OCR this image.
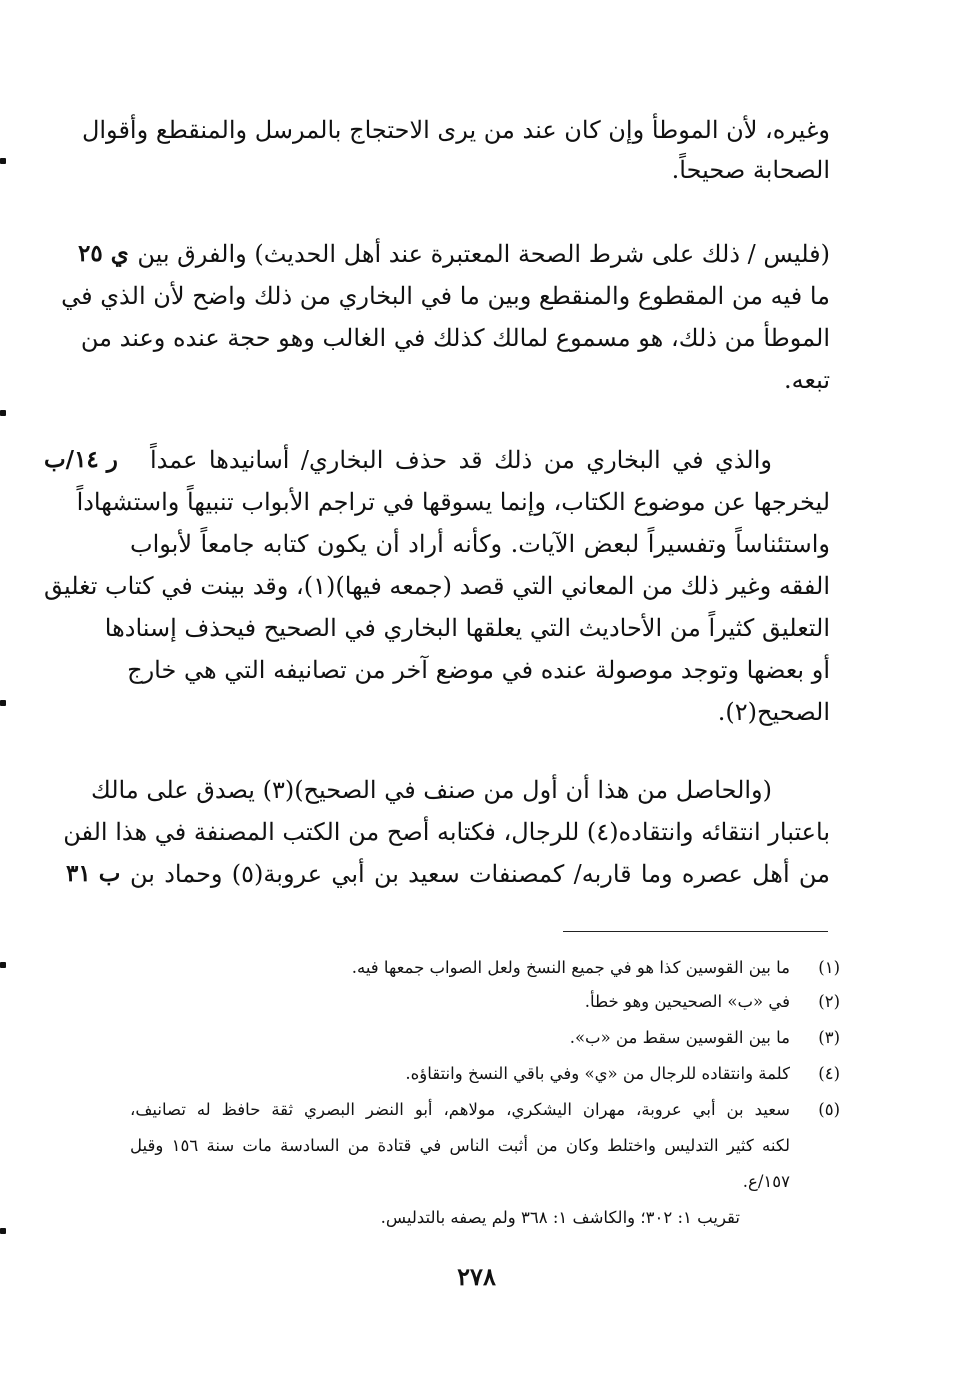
وغيره، لأن الموطأ وإن كان عند من يرى الاحتجاج بالمرسل والمنقطع وأقوال
الصحابة صحيحاً.
(فليس / ذلك على شرط الصحة المعتبرة عند أهل الحديث) والفرق بين
ما فيه من المقطوع والمنقطع وبين ما في البخاري من ذلك واضح لأن الذي في
الموطأ من ذلك، هو مسموع لمالك كذلك في الغالب وهو حجة عنده وعند من
تبعه.
ي ٢٥
والذي في البخاري من ذلك قد حذف البخاري/ أسانيدها عمداً
ليخرجها عن موضوع الكتاب، وإنما يسوقها في تراجم الأبواب تنبيهاً واستشهاداً
واستئناساً وتفسيراً لبعض الآيات. وكأنه أراد أن يكون كتابه جامعاً لأبواب
الفقه وغير ذلك من المعاني التي قصد (جمعه فيها)(١)، وقد بينت في كتاب تغليق
التعليق كثيراً من الأحاديث التي يعلقها البخاري في الصحيح فيحذف إسنادها
أو بعضها وتوجد موصولة عنده في موضع آخر من تصانيفه التي هي خارج
الصحيح(٢).
ر ١٤/ب
(والحاصل من هذا أن أول من صنف في الصحيح)(٣) يصدق على مالك
باعتبار انتقائه وانتقاده(٤) للرجال، فكتابه أصح من الكتب المصنفة في هذا الفن
من أهل عصره وما قاربه/ كمصنفات سعيد بن أبي عروبة(٥) وحماد بن
ب ٣١
(١)
ما بين القوسين كذا هو في جميع النسخ ولعل الصواب جمعها فيه.
(٢)
في «ب» الصحيحين وهو خطأ.
(٣)
ما بين القوسين سقط من «ب».
(٤)
كلمة وانتقاده للرجال من «ي» وفي باقي النسخ وانتقاؤه.
(٥)
سعيد بن أبي عروبة، مهران اليشكري، مولاهم، أبو النضر البصري ثقة حافظ له تصانيف،
لكنه كثير التدليس واختلط وكان من أثبت الناس في قتادة من السادسة مات سنة ١٥٦ وقيل
١٥٧/ع.
تقريب ١: ٣٠٢؛ والكاشف ١: ٣٦٨ ولم يصفه بالتدليس.
٢٧٨
